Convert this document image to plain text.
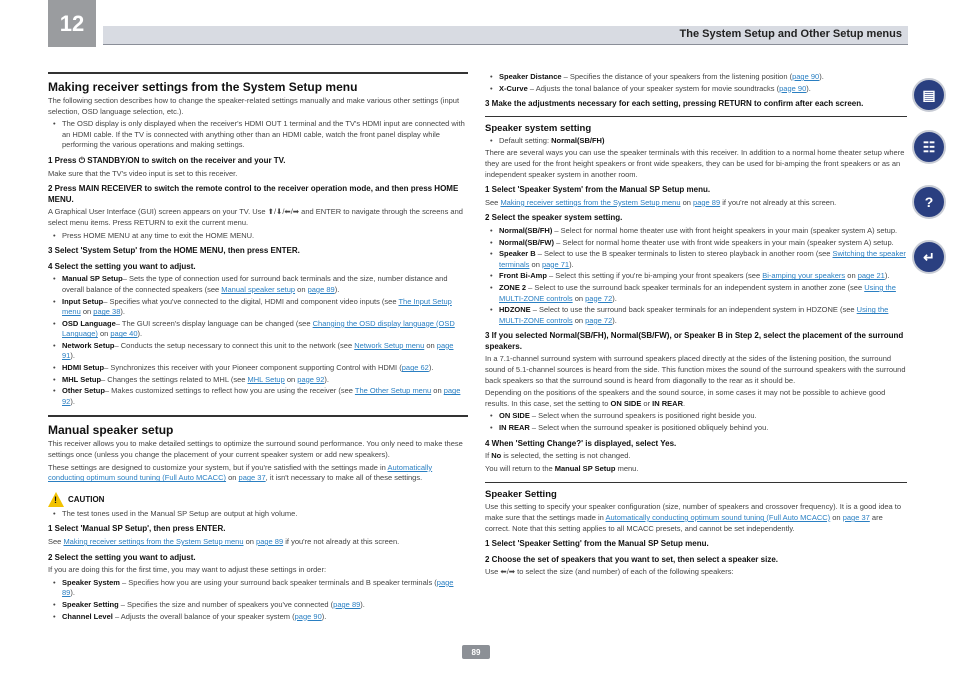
12	The System Setup and Other Setup menus
Making receiver settings from the System Setup menu
The following section describes how to change the speaker-related settings manually and make various other settings (input selection, OSD language selection, etc.).
• The OSD display is only displayed when the receiver's HDMI OUT 1 terminal and the TV's HDMI input are connected with an HDMI cable. If the TV is connected with anything other than an HDMI cable, watch the front panel display while performing the various operations and making settings.
1 Press ⏻ STANDBY/ON to switch on the receiver and your TV.
Make sure that the TV's video input is set to this receiver.
2 Press MAIN RECEIVER to switch the remote control to the receiver operation mode, and then press HOME MENU.
A Graphical User Interface (GUI) screen appears on your TV. Use ⬆/⬇/⬅/➡ and ENTER to navigate through the screens and select menu items. Press RETURN to exit the current menu.
• Press HOME MENU at any time to exit the HOME MENU.
3 Select 'System Setup' from the HOME MENU, then press ENTER.
4 Select the setting you want to adjust.
• Manual SP Setup– Sets the type of connection used for surround back terminals and the size, number distance and overall balance of the connected speakers (see Manual speaker setup on page 89).
• Input Setup– Specifies what you've connected to the digital, HDMI and component video inputs (see The Input Setup menu on page 38).
• OSD Language– The GUI screen's display language can be changed (see Changing the OSD display language (OSD Language) on page 40).
• Network Setup– Conducts the setup necessary to connect this unit to the network (see Network Setup menu on page 91).
• HDMI Setup– Synchronizes this receiver with your Pioneer component supporting Control with HDMI (page 62).
• MHL Setup– Changes the settings related to MHL (see MHL Setup on page 92).
• Other Setup– Makes customized settings to reflect how you are using the receiver (see The Other Setup menu on page 92).
Manual speaker setup
This receiver allows you to make detailed settings to optimize the surround sound performance. You only need to make these settings once (unless you change the placement of your current speaker system or add new speakers).
These settings are designed to customize your system, but if you're satisfied with the settings made in Automatically conducting optimum sound tuning (Full Auto MCACC) on page 37, it isn't necessary to make all of these settings.
! CAUTION
• The test tones used in the Manual SP Setup are output at high volume.
1 Select 'Manual SP Setup', then press ENTER.
See Making receiver settings from the System Setup menu on page 89 if you're not already at this screen.
2 Select the setting you want to adjust.
If you are doing this for the first time, you may want to adjust these settings in order:
• Speaker System – Specifies how you are using your surround back speaker terminals and B speaker terminals (page 89).
• Speaker Setting – Specifies the size and number of speakers you've connected (page 89).
• Channel Level – Adjusts the overall balance of your speaker system (page 90).
• Speaker Distance – Specifies the distance of your speakers from the listening position (page 90).
• X-Curve – Adjusts the tonal balance of your speaker system for movie soundtracks (page 90).
3 Make the adjustments necessary for each setting, pressing RETURN to confirm after each screen.
Speaker system setting
• Default setting: Normal(SB/FH)
There are several ways you can use the speaker terminals with this receiver. In addition to a normal home theater setup where they are used for the front height speakers or front wide speakers, they can be used for bi-amping the front speakers or as an independent speaker system in another room.
1 Select 'Speaker System' from the Manual SP Setup menu.
See Making receiver settings from the System Setup menu on page 89 if you're not already at this screen.
2 Select the speaker system setting.
• Normal(SB/FH) – Select for normal home theater use with front height speakers in your main (speaker system A) setup.
• Normal(SB/FW) – Select for normal home theater use with front wide speakers in your main (speaker system A) setup.
• Speaker B – Select to use the B speaker terminals to listen to stereo playback in another room (see Switching the speaker terminals on page 71).
• Front Bi-Amp – Select this setting if you're bi-amping your front speakers (see Bi-amping your speakers on page 21).
• ZONE 2 – Select to use the surround back speaker terminals for an independent system in another zone (see Using the MULTI-ZONE controls on page 72).
• HDZONE – Select to use the surround back speaker terminals for an independent system in HDZONE (see Using the MULTI-ZONE controls on page 72).
3 If you selected Normal(SB/FH), Normal(SB/FW), or Speaker B in Step 2, select the placement of the surround speakers.
In a 7.1-channel surround system with surround speakers placed directly at the sides of the listening position, the surround sound of 5.1-channel sources is heard from the side. This function mixes the sound of the surround speakers with the surround back speakers so that the surround sound is heard from diagonally to the rear as it should be.
Depending on the positions of the speakers and the sound source, in some cases it may not be possible to achieve good results. In this case, set the setting to ON SIDE or IN REAR.
• ON SIDE – Select when the surround speakers is positioned right beside you.
• IN REAR – Select when the surround speaker is positioned obliquely behind you.
4 When 'Setting Change?' is displayed, select Yes.
If No is selected, the setting is not changed.
You will return to the Manual SP Setup menu.
Speaker Setting
Use this setting to specify your speaker configuration (size, number of speakers and crossover frequency). It is a good idea to make sure that the settings made in Automatically conducting optimum sound tuning (Full Auto MCACC) on page 37 are correct. Note that this setting applies to all MCACC presets, and cannot be set independently.
1 Select 'Speaker Setting' from the Manual SP Setup menu.
2 Choose the set of speakers that you want to set, then select a speaker size.
Use ⬅/➡ to select the size (and number) of each of the following speakers:
▤
☷
?
↵
89
